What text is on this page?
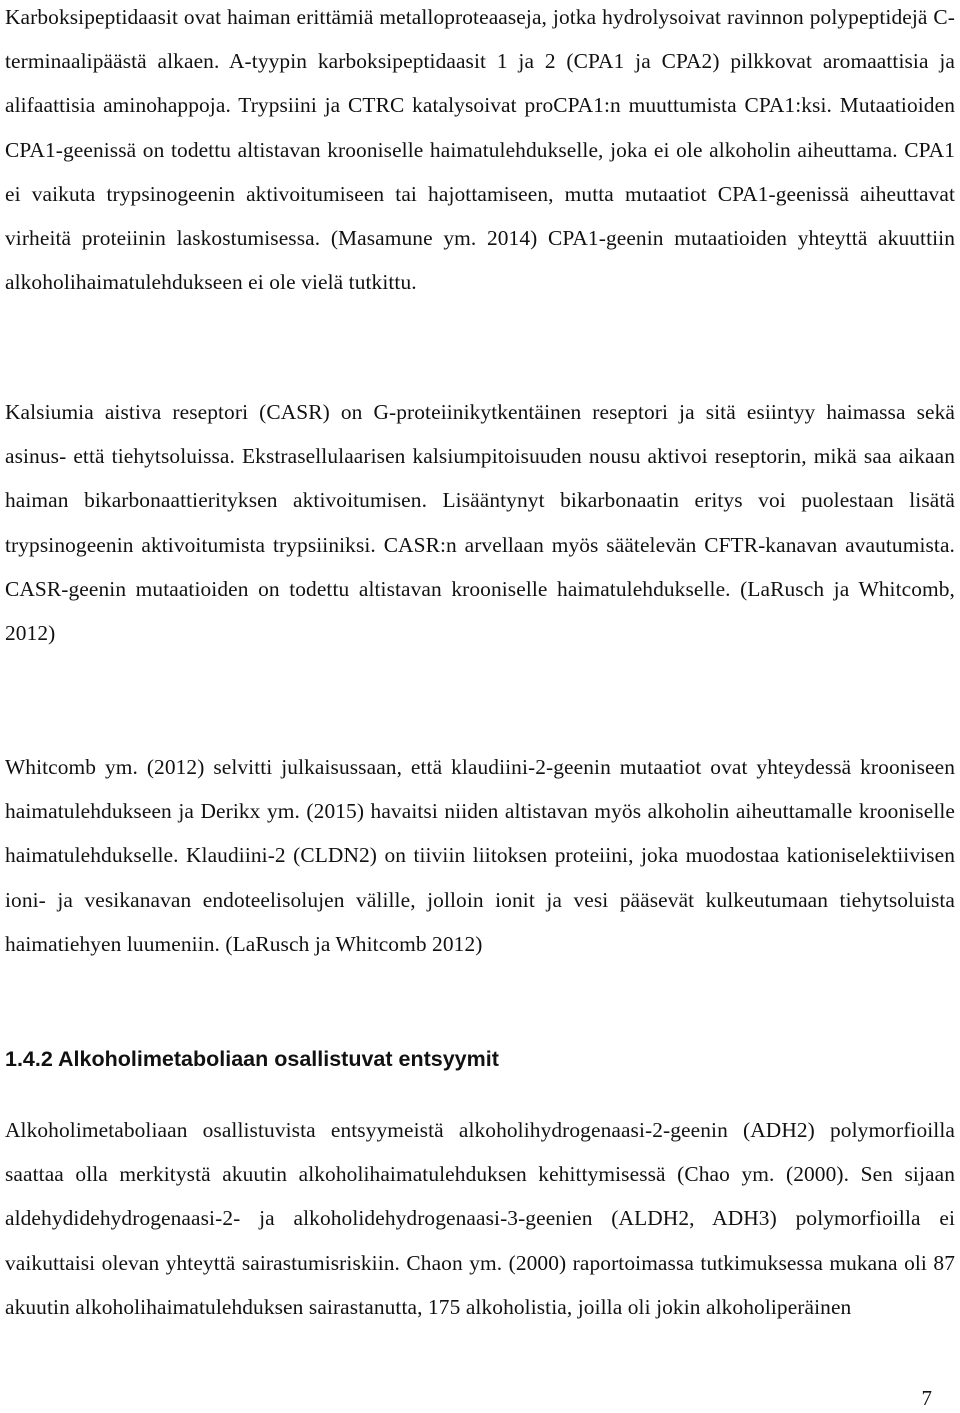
Karboksipeptidaasit ovat haiman erittämiä metalloproteaaseja, jotka hydrolysoivat ravinnon polypeptidejä C-terminaalipäästä alkaen. A-tyypin karboksipeptidaasit 1 ja 2 (CPA1 ja CPA2) pilkkovat aromaattisia ja alifaattisia aminohappoja. Trypsiini ja CTRC katalysoivat proCPA1:n muuttumista CPA1:ksi. Mutaatioiden CPA1-geenissä on todettu altistavan krooniselle haimatulehdukselle, joka ei ole alkoholin aiheuttama. CPA1 ei vaikuta trypsinogeenin aktivoitumiseen tai hajottamiseen, mutta mutaatiot CPA1-geenissä aiheuttavat virheitä proteiinin laskostumisessa. (Masamune ym. 2014) CPA1-geenin mutaatioiden yhteyttä akuuttiin alkoholihaimatulehdukseen ei ole vielä tutkittu.

Kalsiumia aistiva reseptori (CASR) on G-proteiinikytkentäinen reseptori ja sitä esiintyy haimassa sekä asinus- että tiehytsoluissa. Ekstrasellulaarisen kalsiumpitoisuuden nousu aktivoi reseptorin, mikä saa aikaan haiman bikarbonaattierityksen aktivoitumisen. Lisääntynyt bikarbonaatin eritys voi puolestaan lisätä trypsinogeenin aktivoitumista trypsiiniksi. CASR:n arvellaan myös säätelevän CFTR-kanavan avautumista. CASR-geenin mutaatioiden on todettu altistavan krooniselle haimatulehdukselle. (LaRusch ja Whitcomb, 2012)

Whitcomb ym. (2012) selvitti julkaisussaan, että klaudiini-2-geenin mutaatiot ovat yhteydessä krooniseen haimatulehdukseen ja Derikx ym. (2015) havaitsi niiden altistavan myös alkoholin aiheuttamalle krooniselle haimatulehdukselle. Klaudiini-2 (CLDN2) on tiiviin liitoksen proteiini, joka muodostaa kationiselektiivisen ioni- ja vesikanavan endoteelisolujen välille, jolloin ionit ja vesi pääsevät kulkeutumaan tiehytsoluista haimatiehyen luumeniin. (LaRusch ja Whitcomb 2012)

1.4.2 Alkoholimetaboliaan osallistuvat entsyymit

Alkoholimetaboliaan osallistuvista entsyymeistä alkoholihydrogenaasi-2-geenin (ADH2) polymorfioilla saattaa olla merkitystä akuutin alkoholihaimatulehduksen kehittymisessä (Chao ym. (2000). Sen sijaan aldehydidehydrogenaasi-2- ja alkoholidehydrogenaasi-3-geenien (ALDH2, ADH3) polymorfioilla ei vaikuttaisi olevan yhteyttä sairastumisriskiin. Chaon ym. (2000) raportoimassa tutkimuksessa mukana oli 87 akuutin alkoholihaimatulehduksen sairastanutta, 175 alkoholistia, joilla oli jokin alkoholiperäinen

7
